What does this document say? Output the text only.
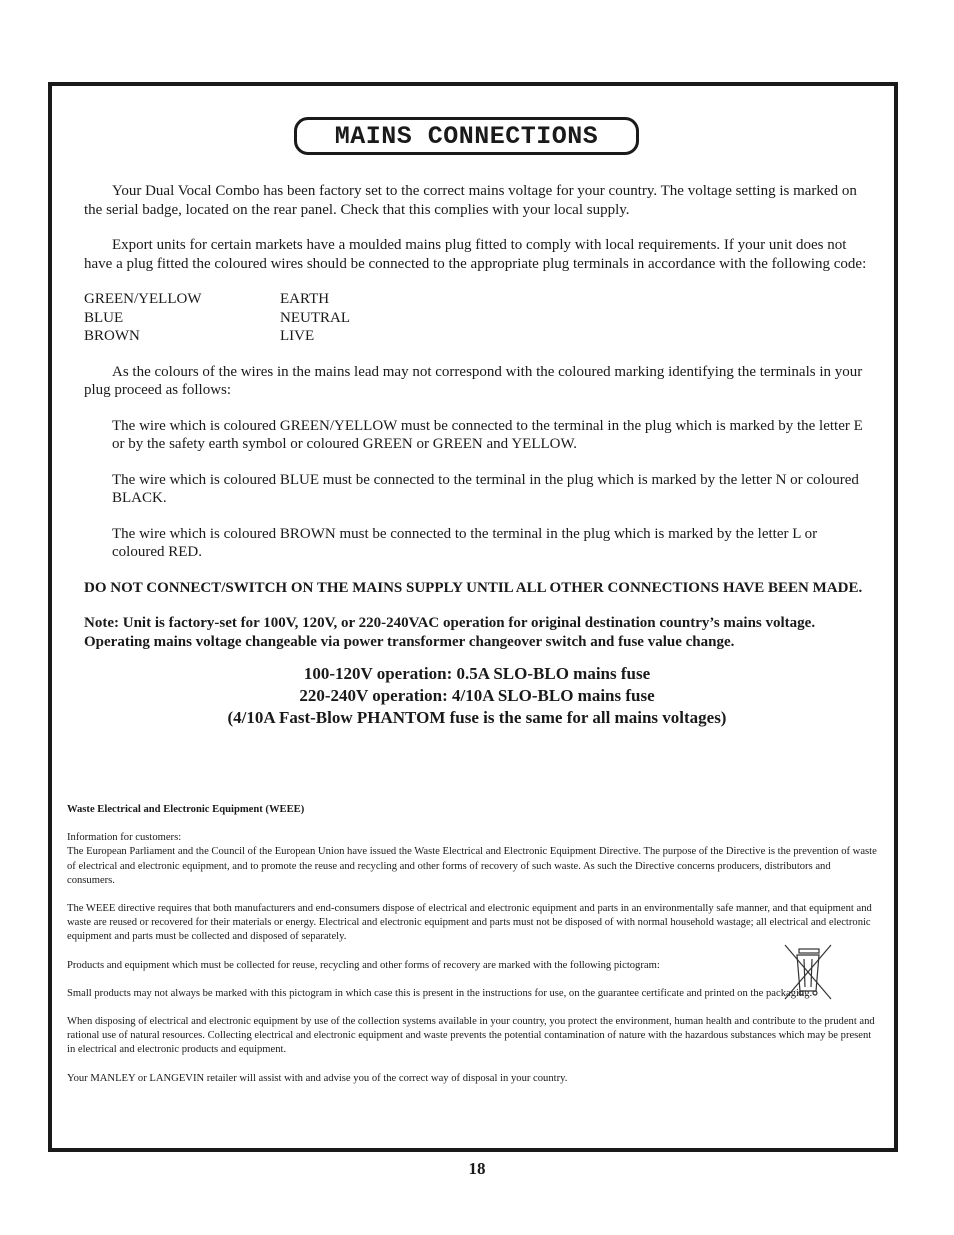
MAINS CONNECTIONS

Your Dual Vocal Combo has been factory set to the correct mains voltage for your country. The voltage setting is marked on the serial badge, located on the rear panel. Check that this complies with your local supply.

Export units for certain markets have a moulded mains plug fitted to comply with local requirements. If your unit does not have a plug fitted the coloured wires should be connected to the appropriate plug terminals in accordance with the following code:

GREEN/YELLOW	EARTH
BLUE	NEUTRAL
BROWN	LIVE

As the colours of the wires in the mains lead may not correspond with the coloured marking identifying the terminals in your plug proceed as follows:

The wire which is coloured GREEN/YELLOW must be connected to the terminal in the plug which is marked by the letter E or by the safety earth symbol or coloured GREEN or GREEN and YELLOW.

The wire which is coloured BLUE must be connected to the terminal in the plug which is marked by the letter N or coloured BLACK.

The wire which is coloured BROWN must be connected to the terminal in the plug which is marked by the letter L or coloured RED.

DO NOT CONNECT/SWITCH ON THE MAINS SUPPLY UNTIL ALL OTHER CONNECTIONS HAVE BEEN MADE.

Note: Unit is factory-set for 100V, 120V, or 220-240VAC operation for original destination country’s mains voltage. Operating mains voltage changeable via power transformer changeover switch and fuse value change.

100-120V operation: 0.5A SLO-BLO mains fuse

220-240V operation: 4/10A SLO-BLO mains fuse

(4/10A Fast-Blow PHANTOM fuse is the same for all mains voltages)

Waste Electrical and Electronic Equipment (WEEE)

Information for customers:

The European Parliament and the Council of the European Union have issued the Waste Electrical and Electronic Equipment Directive. The purpose of the Directive is the prevention of waste of electrical and electronic equipment, and to promote the reuse and recycling and other forms of recovery of such waste. As such the Directive concerns producers, distributors and consumers.

The WEEE directive requires that both manufacturers and end-consumers dispose of electrical and electronic equipment and parts in an environmentally safe manner, and that equipment and waste are reused or recovered for their materials or energy. Electrical and electronic equipment and parts must not be disposed of with normal household wastage; all electrical and electronic equipment and parts must be collected and disposed of separately.

Products and equipment which must be collected for reuse, recycling and other forms of recovery are marked with the following pictogram:

Small products may not always be marked with this pictogram in which case this is present in the instructions for use, on the guarantee certificate and printed on the packaging.

When disposing of electrical and electronic equipment by use of the collection systems available in your country, you protect the environment, human health and contribute to the prudent and rational use of natural resources. Collecting electrical and electronic equipment and waste prevents the potential contamination of nature with the hazardous substances which may be present in electrical and electronic products and equipment.

Your MANLEY or LANGEVIN retailer will assist with and advise you of the correct way of disposal in your country.

18
